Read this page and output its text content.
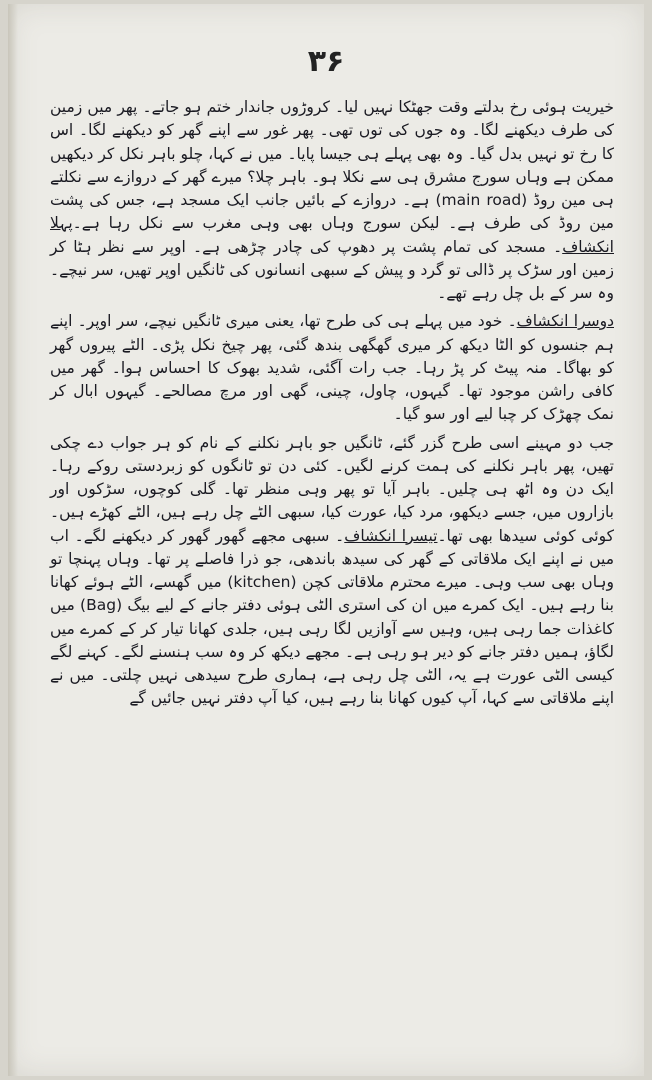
۳۶

خیریت ہوئی رخ بدلتے وقت جھٹکا نہیں لیا۔ کروڑوں جاندار ختم ہو جاتے۔ پھر میں زمین کی طرف دیکھنے لگا۔ وہ جوں کی توں تھی۔ پھر غور سے اپنے گھر کو دیکھنے لگا۔ اس کا رخ تو نہیں بدل گیا۔ وہ بھی پہلے ہی جیسا پایا۔ میں نے کہا، چلو باہر نکل کر دیکھیں ممکن ہے وہاں سورج مشرق ہی سے نکلا ہو۔ باہر چلا؟ میرے گھر کے دروازے سے نکلتے ہی مین روڈ (main road) ہے۔ دروازے کے بائیں جانب ایک مسجد ہے، جس کی پشت مین روڈ کی طرف ہے۔ لیکن سورج وہاں بھی وہی مغرب سے نکل رہا ہے۔پہلا انکشاف۔ مسجد کی تمام پشت پر دھوپ کی چادر چڑھی ہے۔ اوپر سے نظر ہٹا کر زمین اور سڑک پر ڈالی تو گرد و پیش کے سبھی انسانوں کی ٹانگیں اوپر تھیں، سر نیچے۔ وہ سر کے بل چل رہے تھے۔

دوسرا انکشاف۔ خود میں پہلے ہی کی طرح تھا، یعنی میری ٹانگیں نیچے، سر اوپر۔ اپنے ہم جنسوں کو الٹا دیکھ کر میری گھگھی بندھ گئی، پھر چیخ نکل پڑی۔ الٹے پیروں گھر کو بھاگا۔ منہ پیٹ کر پڑ رہا۔ جب رات آگئی، شدید بھوک کا احساس ہوا۔ گھر میں کافی راشن موجود تھا۔ گیہوں، چاول، چینی، گھی اور مرچ مصالحے۔ گیہوں ابال کر نمک چھڑک کر چبا لیے اور سو گیا۔

جب دو مہینے اسی طرح گزر گئے، ٹانگیں جو باہر نکلنے کے نام کو ہر جواب دے چکی تھیں، پھر باہر نکلنے کی ہمت کرنے لگیں۔ کئی دن تو ٹانگوں کو زبردستی روکے رہا۔ ایک دن وہ اٹھ ہی چلیں۔ باہر آیا تو پھر وہی منظر تھا۔ گلی کوچوں، سڑکوں اور بازاروں میں، جسے دیکھو، مرد کیا، عورت کیا، سبھی الٹے چل رہے ہیں، الٹے کھڑے ہیں۔ کوئی کوئی سیدھا بھی تھا۔تیسرا انکشاف۔ سبھی مجھے گھور گھور کر دیکھنے لگے۔ اب میں نے اپنے ایک ملاقاتی کے گھر کی سیدھ باندھی، جو ذرا فاصلے پر تھا۔ وہاں پہنچا تو وہاں بھی سب وہی۔ میرے محترم ملاقاتی کچن (kitchen) میں گھسے، الٹے ہوئے کھانا بنا رہے ہیں۔ ایک کمرے میں ان کی استری الٹی ہوئی دفتر جانے کے لیے بیگ (Bag) میں کاغذات جما رہی ہیں، وہیں سے آوازیں لگا رہی ہیں، جلدی کھانا تیار کر کے کمرے میں لگاؤ، ہمیں دفتر جانے کو دیر ہو رہی ہے۔ مجھے دیکھ کر وہ سب ہنسنے لگے۔ کہنے لگے کیسی الٹی عورت ہے یہ، الٹی چل رہی ہے، ہماری طرح سیدھی نہیں چلتی۔ میں نے اپنے ملاقاتی سے کہا، آپ کیوں کھانا بنا رہے ہیں، کیا آپ دفتر نہیں جائیں گے
